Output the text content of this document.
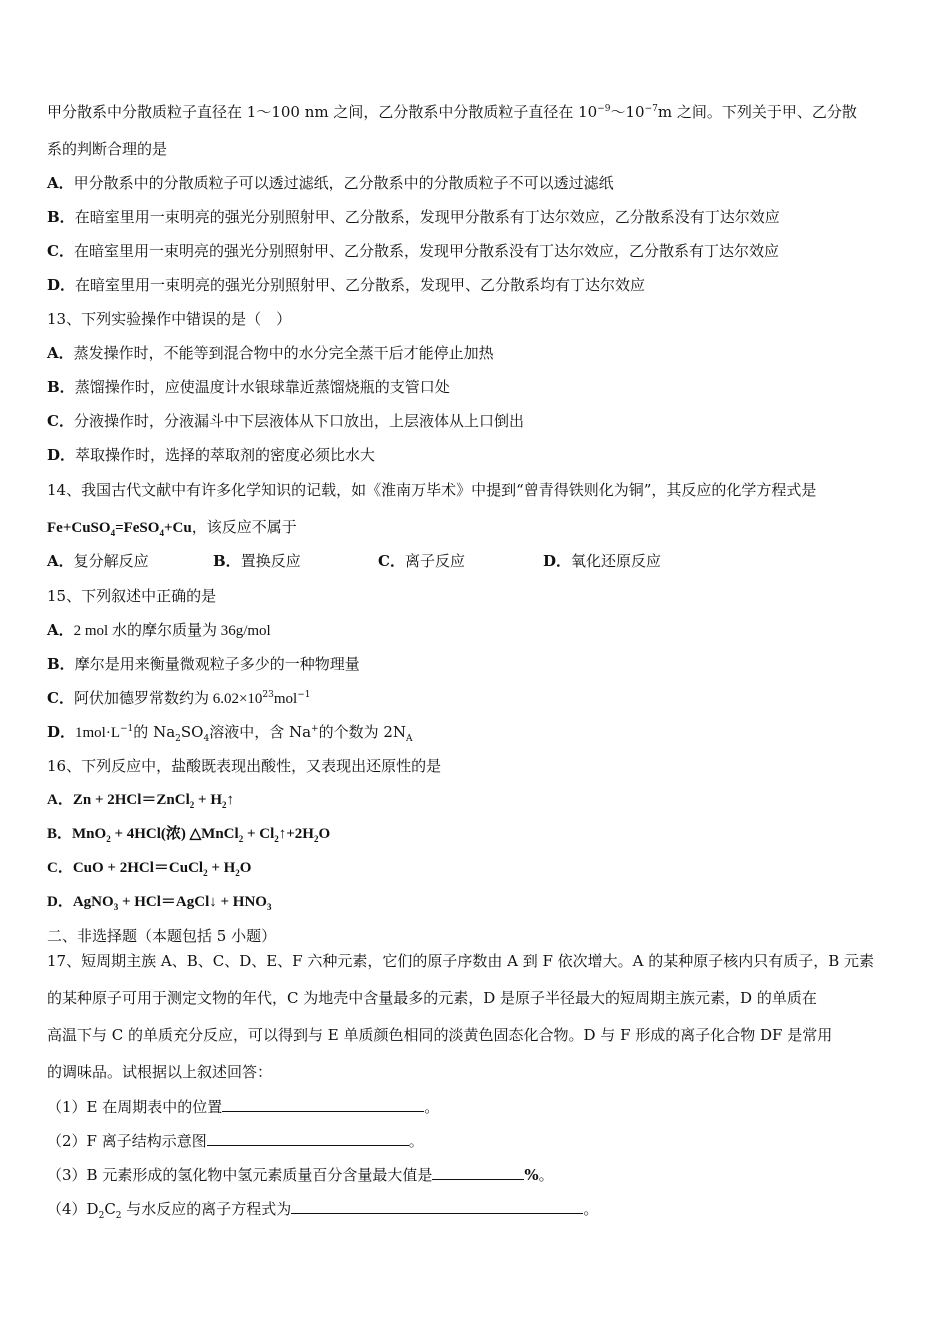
甲分散系中分散质粒子直径在 1～100 nm 之间，乙分散系中分散质粒子直径在 $10^{-9}\sim 10^{-7}m$ 之间。下列关于甲、乙分散
系的判断合理的是
A．甲分散系中的分散质粒子可以透过滤纸，乙分散系中的分散质粒子不可以透过滤纸
B．在暗室里用一束明亮的强光分别照射甲、乙分散系，发现甲分散系有丁达尔效应，乙分散系没有丁达尔效应
C．在暗室里用一束明亮的强光分别照射甲、乙分散系，发现甲分散系没有丁达尔效应，乙分散系有丁达尔效应
D．在暗室里用一束明亮的强光分别照射甲、乙分散系，发现甲、乙分散系均有丁达尔效应
13、下列实验操作中错误的是（　）
A．蒸发操作时，不能等到混合物中的水分完全蒸干后才能停止加热
B．蒸馏操作时，应使温度计水银球靠近蒸馏烧瓶的支管口处
C．分液操作时，分液漏斗中下层液体从下口放出，上层液体从上口倒出
D．萃取操作时，选择的萃取剂的密度必须比水大
14、我国古代文献中有许多化学知识的记载，如《淮南万毕术》中提到“曾青得铁则化为铜”，其反应的化学方程式是
Fe+CuSO$_4$=FeSO$_4$+Cu，该反应不属于
A．复分解反应	B．置换反应	C．离子反应	D．氧化还原反应
15、下列叙述中正确的是
A．2 mol 水的摩尔质量为 36g/mol
B．摩尔是用来衡量微观粒子多少的一种物理量
C．阿伏加德罗常数约为 $6.02\times 10^{23}mol^{-1}$
D．$1mol\cdot L^{-1}$的 $Na_2SO_4$溶液中，含 Na+的个数为 $2N_A$
16、下列反应中，盐酸既表现出酸性，又表现出还原性的是
A．Zn + 2HCl＝ZnCl$_2$ + $H_2↑$
B．MnO$_2$ + 4HCl(浓) △MnCl$_2$ + $Cl_2↑+2H_2O$
C．CuO + 2HCl＝CuCl$_2$ + $H_2O$
D．AgNO$_3$ + HCl＝AgCl↓ + $HNO_3$
二、非选择题（本题包括 5 小题）
17、短周期主族 A、B、C、D、E、F 六种元素，它们的原子序数由 A 到 F 依次增大。A 的某种原子核内只有质子，B 元素
的某种原子可用于测定文物的年代，C 为地壳中含量最多的元素，D 是原子半径最大的短周期主族元素，D 的单质在
高温下与 C 的单质充分反应，可以得到与 E 单质颜色相同的淡黄色固态化合物。D 与 F 形成的离子化合物 DF 是常用
的调味品。试根据以上叙述回答：
（1）E 在周期表中的位置	。
（2）F 离子结构示意图	。
（3）B 元素形成的氢化物中氢元素质量百分含量最大值是	%。
$(4)D_2C_2$ 与水反应的离子方程式为	。
